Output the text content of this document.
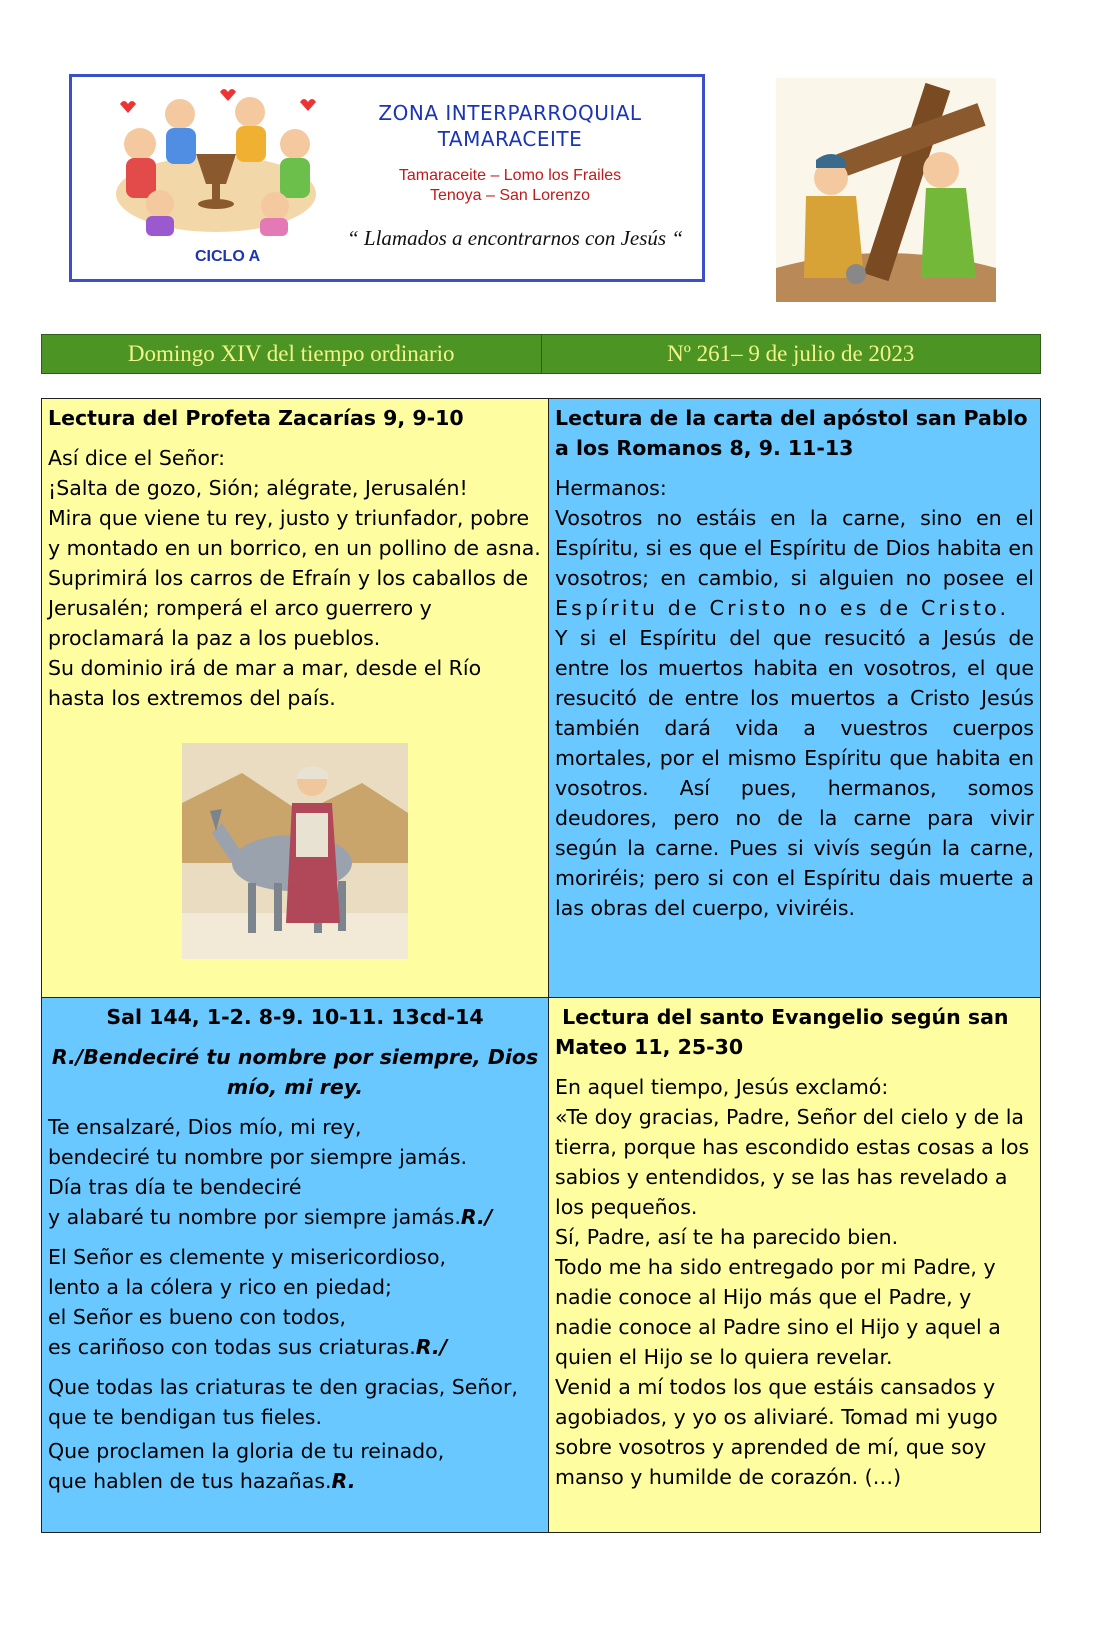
ZONA INTERPARROQUIAL
TAMARACEITE
Tamaraceite – Lomo los Frailes
Tenoya – San Lorenzo
CICLO A
“ Llamados a encontrarnos con Jesús “
Domingo XIV del tiempo ordinario	Nº 261– 9 de julio de 2023
Lectura del Profeta Zacarías 9, 9-10
Así dice el Señor:
¡Salta de gozo, Sión; alégrate, Jerusalén!
Mira que viene tu rey, justo y triunfador, pobre y montado en un borrico, en un pollino de asna.
Suprimirá los carros de Efraín y los caballos de Jerusalén; romperá el arco guerrero y proclamará la paz a los pueblos.
Su dominio irá de mar a mar, desde el Río hasta los extremos del país.
Lectura de la carta del apóstol san Pablo a los Romanos 8, 9. 11-13
Hermanos:
Vosotros no estáis en la carne, sino en el Espíritu, si es que el Espíritu de Dios habita en vosotros; en cambio, si alguien no posee el Espíritu de Cristo no es de Cristo.
Y si el Espíritu del que resucitó a Jesús de entre los muertos habita en vosotros, el que resucitó de entre los muertos a Cristo Jesús también dará vida a vuestros cuerpos mortales, por el mismo Espíritu que habita en vosotros. Así pues, hermanos, somos deudores, pero no de la carne para vivir según la carne. Pues si vivís según la carne, moriréis; pero si con el Espíritu dais muerte a las obras del cuerpo, viviréis.
Sal 144, 1-2. 8-9. 10-11. 13cd-14
R./Bendeciré tu nombre por siempre, Dios mío, mi rey.
Te ensalzaré, Dios mío, mi rey,
bendeciré tu nombre por siempre jamás.
Día tras día te bendeciré
y alabaré tu nombre por siempre jamás.R./
El Señor es clemente y misericordioso,
lento a la cólera y rico en piedad;
el Señor es bueno con todos,
es cariñoso con todas sus criaturas.R./
Que todas las criaturas te den gracias, Señor,
que te bendigan tus fieles.
Que proclamen la gloria de tu reinado,
que hablen de tus hazañas.R.
Lectura del santo Evangelio según san Mateo 11, 25-30
En aquel tiempo, Jesús exclamó:
«Te doy gracias, Padre, Señor del cielo y de la tierra, porque has escondido estas cosas a los sabios y entendidos, y se las has revelado a los pequeños.
Sí, Padre, así te ha parecido bien.
Todo me ha sido entregado por mi Padre, y nadie conoce al Hijo más que el Padre, y nadie conoce al Padre sino el Hijo y aquel a quien el Hijo se lo quiera revelar.
Venid a mí todos los que estáis cansados y agobiados, y yo os aliviaré. Tomad mi yugo sobre vosotros y aprended de mí, que soy manso y humilde de corazón. (…)
